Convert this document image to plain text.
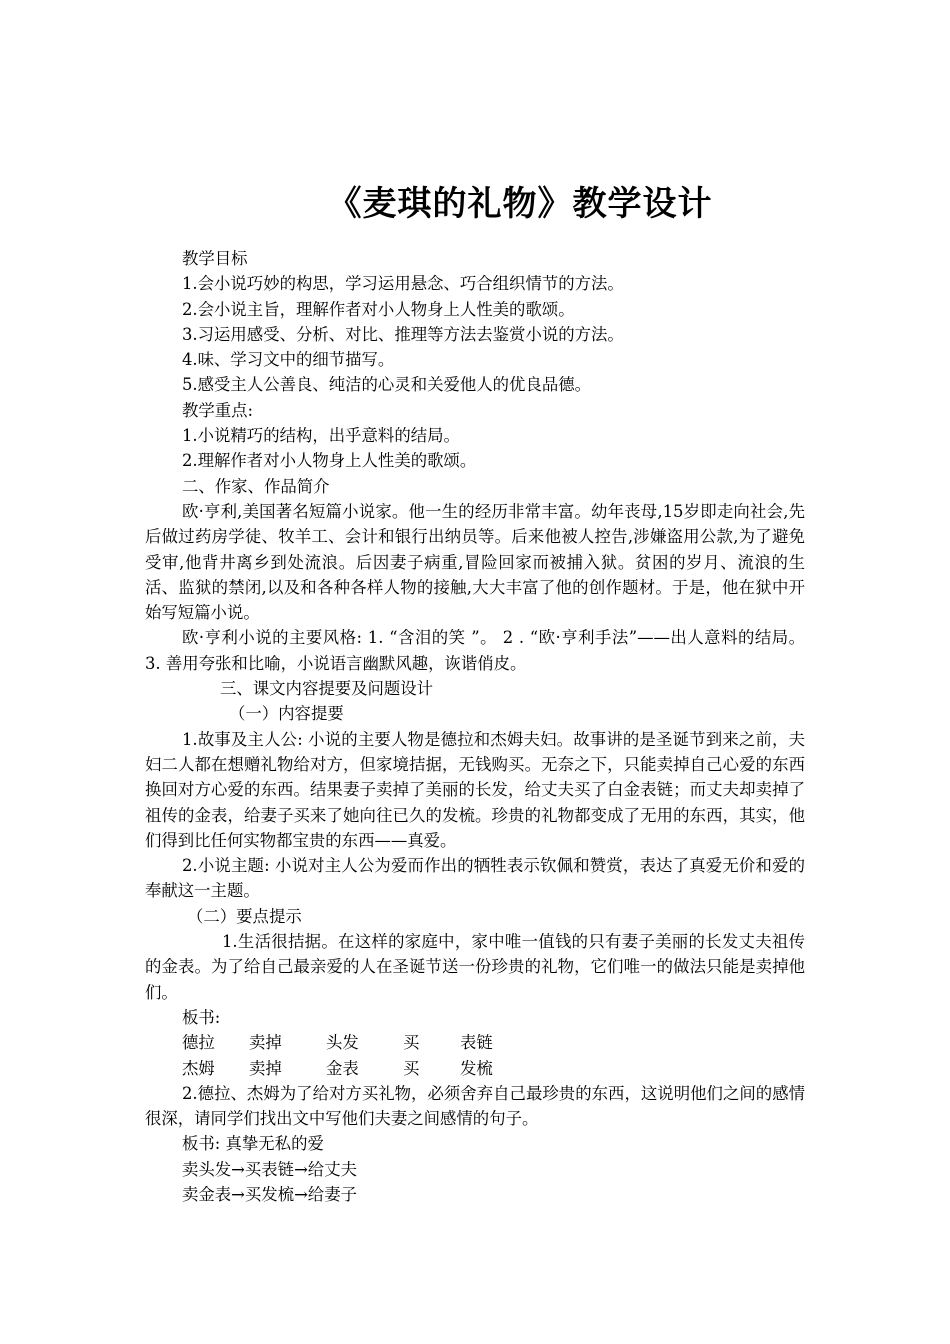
《麦琪的礼物》教学设计

教学目标

1.会小说巧妙的构思，学习运用悬念、巧合组织情节的方法。

2.会小说主旨，理解作者对小人物身上人性美的歌颂。

3.习运用感受、分析、对比、推理等方法去鉴赏小说的方法。

4.味、学习文中的细节描写。

5.感受主人公善良、纯洁的心灵和关爱他人的优良品德。

教学重点:

1.小说精巧的结构，出乎意料的结局。

2.理解作者对小人物身上人性美的歌颂。

二、作家、作品简介

欧·亨利,美国著名短篇小说家。他一生的经历非常丰富。幼年丧母,15岁即走向社会,先后做过药房学徒、牧羊工、会计和银行出纳员等。后来他被人控告,涉嫌盗用公款,为了避免受审,他背井离乡到处流浪。后因妻子病重,冒险回家而被捕入狱。贫困的岁月、流浪的生活、监狱的禁闭,以及和各种各样人物的接触,大大丰富了他的创作题材。于是，他在狱中开始写短篇小说。

欧·亨利小说的主要风格: 1. “含泪的笑 ”。 2 . “欧·亨利手法”——出人意料的结局。 3. 善用夸张和比喻，小说语言幽默风趣，诙谐俏皮。

三、课文内容提要及问题设计

（一）内容提要

1.故事及主人公: 小说的主要人物是德拉和杰姆夫妇。故事讲的是圣诞节到来之前，夫妇二人都在想赠礼物给对方，但家境拮据，无钱购买。无奈之下，只能卖掉自己心爱的东西换回对方心爱的东西。结果妻子卖掉了美丽的长发，给丈夫买了白金表链；而丈夫却卖掉了祖传的金表，给妻子买来了她向往已久的发梳。珍贵的礼物都变成了无用的东西，其实，他们得到比任何实物都宝贵的东西——真爱。

2.小说主题: 小说对主人公为爱而作出的牺牲表示钦佩和赞赏，表达了真爱无价和爱的奉献这一主题。

（二）要点提示

1.生活很拮据。在这样的家庭中，家中唯一值钱的只有妻子美丽的长发丈夫祖传的金表。为了给自己最亲爱的人在圣诞节送一份珍贵的礼物，它们唯一的做法只能是卖掉他们。

板书:

德拉 卖掉	头发	买 表链

杰姆 卖掉	金表	买 发梳

2.德拉、杰姆为了给对方买礼物，必须舍弃自己最珍贵的东西，这说明他们之间的感情很深，请同学们找出文中写他们夫妻之间感情的句子。

板书: 真挚无私的爱

卖头发→买表链→给丈夫

卖金表→买发梳→给妻子
